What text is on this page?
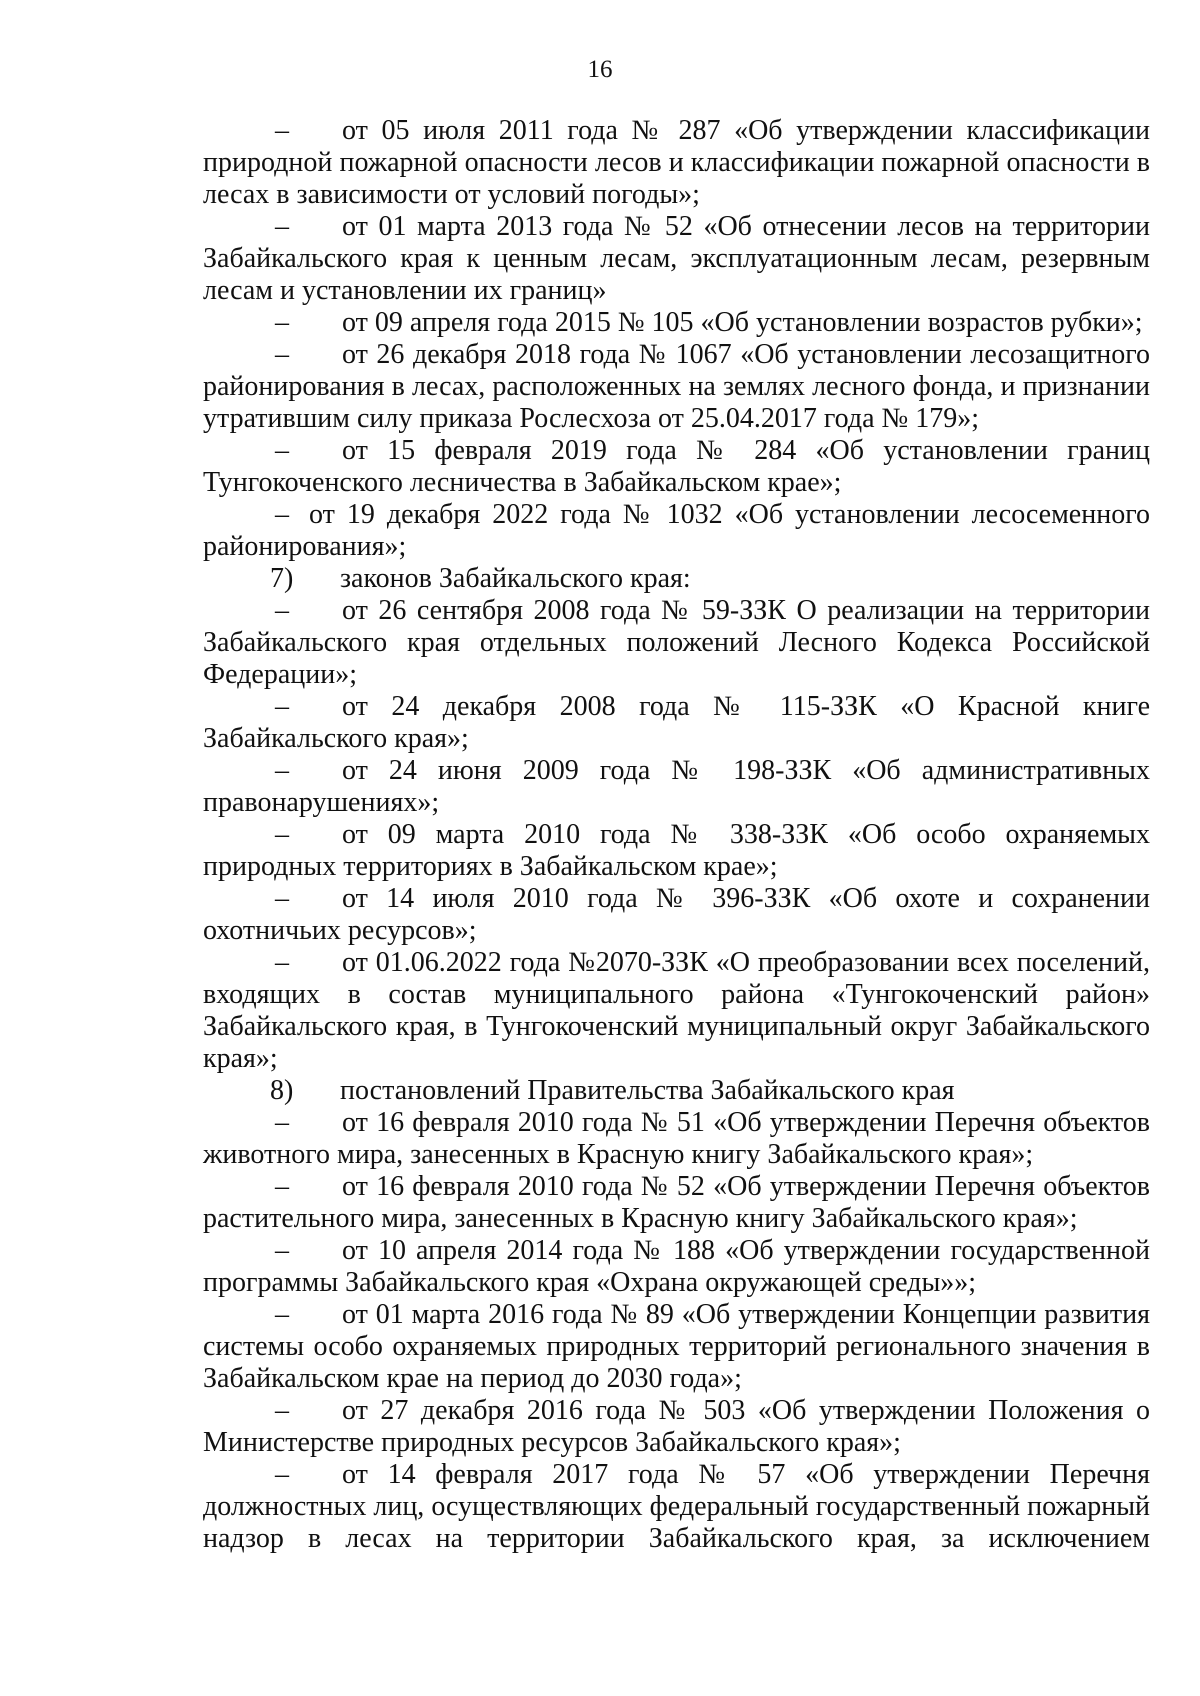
16

– от 05 июля 2011 года № 287 «Об утверждении классификации природной пожарной опасности лесов и классификации пожарной опасности в лесах в зависимости от условий погоды»;

– от 01 марта 2013 года № 52 «Об отнесении лесов на территории Забайкальского края к ценным лесам, эксплуатационным лесам, резервным лесам и установлении их границ»

– от 09 апреля года 2015 № 105 «Об установлении возрастов рубки»;

– от 26 декабря 2018 года № 1067 «Об установлении лесозащитного районирования в лесах, расположенных на землях лесного фонда, и признании утратившим силу приказа Рослесхоза от 25.04.2017 года № 179»;

– от 15 февраля 2019 года № 284 «Об установлении границ Тунгокоченского лесничества в Забайкальском крае»;

– от 19 декабря 2022 года № 1032 «Об установлении лесосеменного районирования»;

7) законов Забайкальского края:

– от 26 сентября 2008 года № 59-ЗЗК О реализации на территории Забайкальского края отдельных положений Лесного Кодекса Российской Федерации»;

– от 24 декабря 2008 года № 115-ЗЗК «О Красной книге Забайкальского края»;

– от 24 июня 2009 года № 198-ЗЗК «Об административных правонарушениях»;

– от 09 марта 2010 года № 338-ЗЗК «Об особо охраняемых природных территориях в Забайкальском крае»;

– от 14 июля 2010 года № 396-ЗЗК «Об охоте и сохранении охотничьих ресурсов»;

– от 01.06.2022 года №2070-ЗЗК «О преобразовании всех поселений, входящих в состав муниципального района «Тунгокоченский район» Забайкальского края, в Тунгокоченский муниципальный округ Забайкальского края»;

8) постановлений Правительства Забайкальского края

– от 16 февраля 2010 года № 51 «Об утверждении Перечня объектов животного мира, занесенных в Красную книгу Забайкальского края»;

– от 16 февраля 2010 года № 52 «Об утверждении Перечня объектов растительного мира, занесенных в Красную книгу Забайкальского края»;

– от 10 апреля 2014 года № 188 «Об утверждении государственной программы Забайкальского края «Охрана окружающей среды»»;

– от 01 марта 2016 года № 89 «Об утверждении Концепции развития системы особо охраняемых природных территорий регионального значения в Забайкальском крае на период до 2030 года»;

– от 27 декабря 2016 года № 503 «Об утверждении Положения о Министерстве природных ресурсов Забайкальского края»;

– от 14 февраля 2017 года № 57 «Об утверждении Перечня должностных лиц, осуществляющих федеральный государственный пожарный надзор в лесах на территории Забайкальского края, за исключением
